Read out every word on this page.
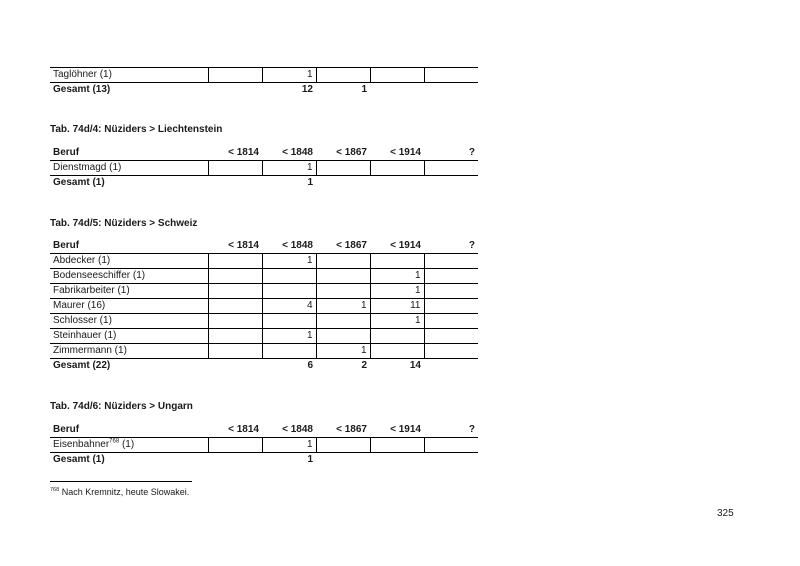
Taglöhner (1)		1			
Gesamt (13)		12	1		
Tab. 74d/4: Nüziders > Liechtenstein
Beruf	< 1814	< 1848	< 1867	< 1914	?
Dienstmagd (1)		1			
Gesamt (1)		1			
Tab. 74d/5: Nüziders > Schweiz
Beruf	< 1814	< 1848	< 1867	< 1914	?
Abdecker (1)		1			
Bodenseeschiffer (1)				1	
Fabrikarbeiter (1)				1	
Maurer (16)		4	1	11	
Schlosser (1)				1	
Steinhauer (1)		1			
Zimmermann (1)			1		
Gesamt (22)		6	2	14	
Tab. 74d/6: Nüziders > Ungarn
Beruf	< 1814	< 1848	< 1867	< 1914	?
Eisenbahner$^{768}$ (1)		1			
Gesamt (1)		1			
$^{768}$ Nach Kremnitz, heute Slowakei.
325
